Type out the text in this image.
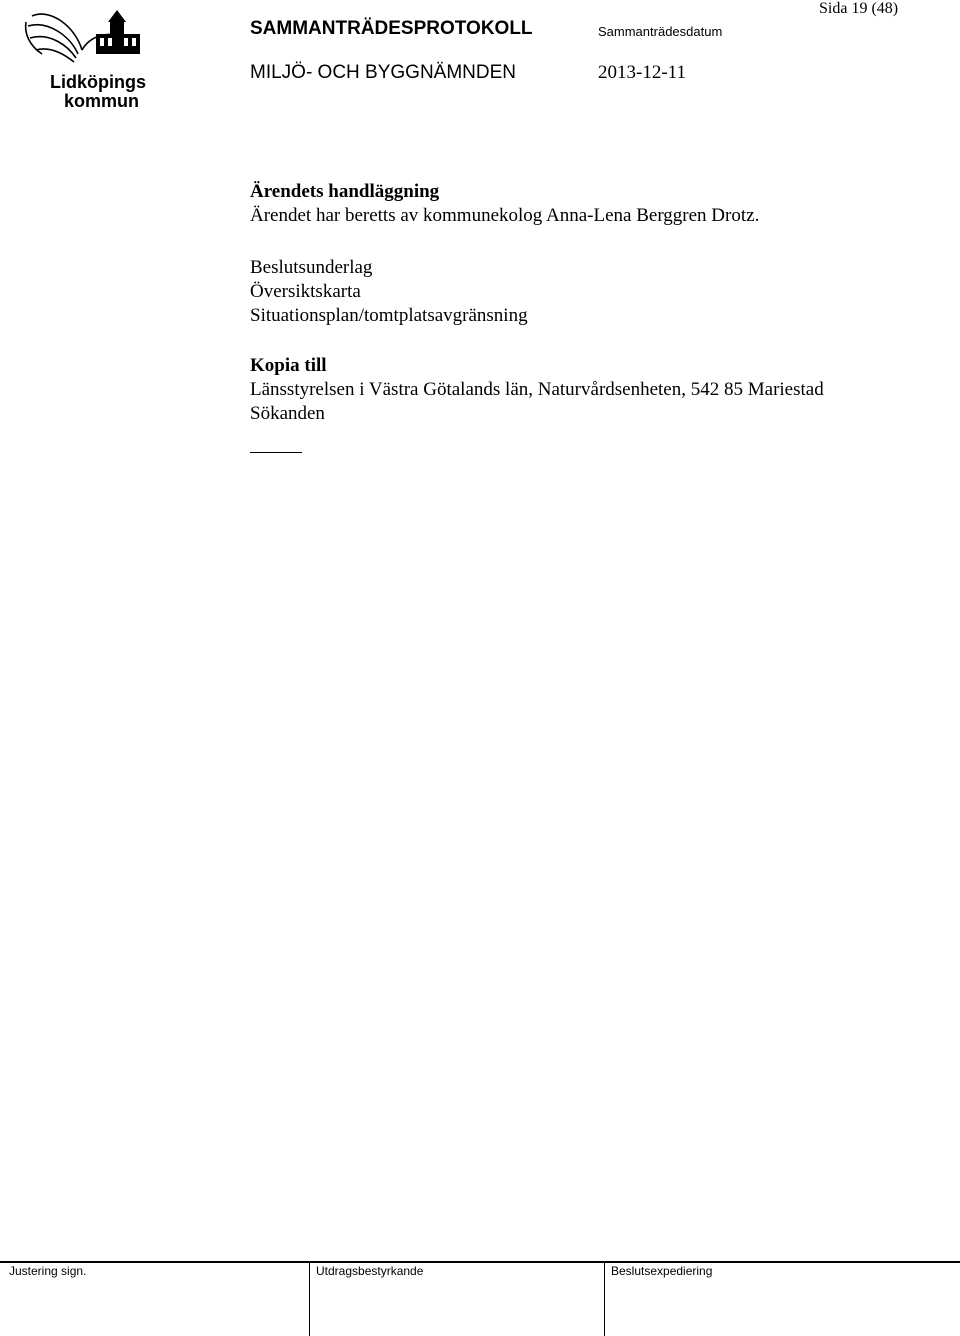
Lidköpings
kommun
SAMMANTRÄDESPROTOKOLL	Sammanträdesdatum
Sida 19 (48)
MILJÖ- OCH BYGGNÄMNDEN	2013-12-11
Ärendets handläggning
Ärendet har beretts av kommunekolog Anna-Lena Berggren Drotz.
Beslutsunderlag
Översiktskarta
Situationsplan/tomtplatsavgränsning
Kopia till
Länsstyrelsen i Västra Götalands län, Naturvårdsenheten, 542 85 Mariestad
Sökanden
Justering sign.	Utdragsbestyrkande	Beslutsexpediering
